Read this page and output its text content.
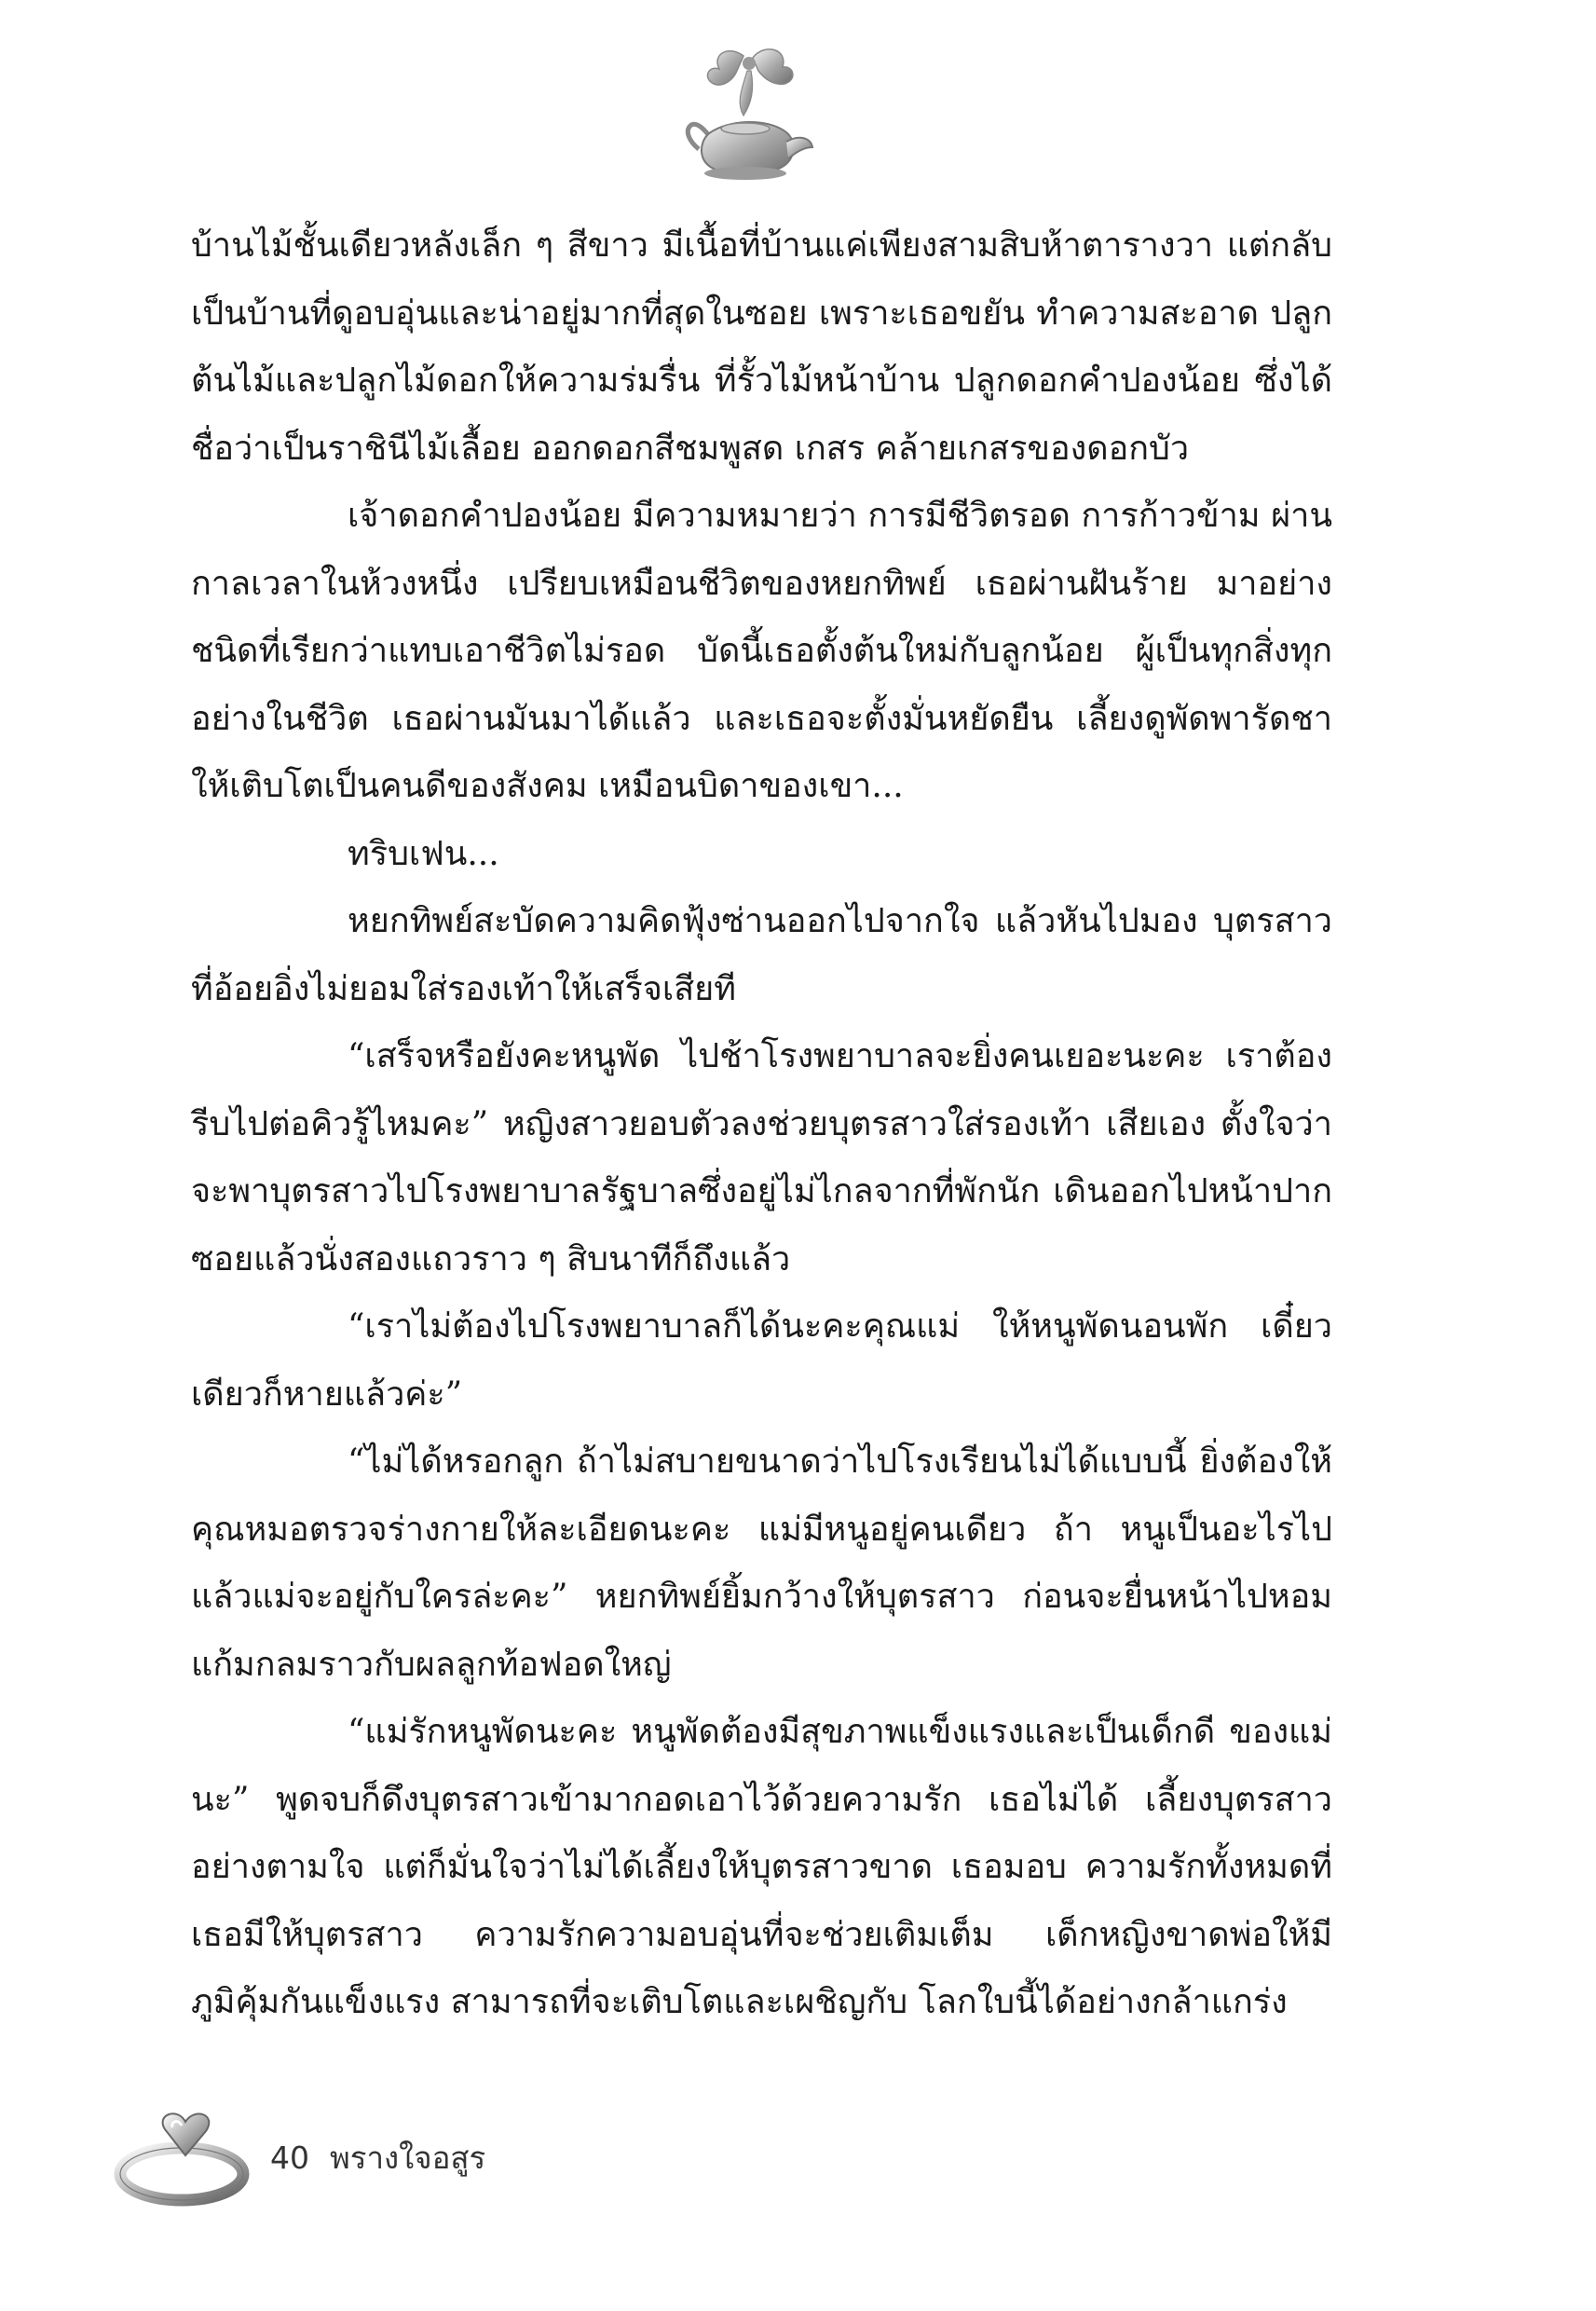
บ้านไม้ชั้นเดียวหลังเล็ก ๆ สีขาว มีเนื้อที่บ้านแค่เพียงสามสิบห้าตารางวา แต่กลับเป็นบ้านที่ดูอบอุ่นและน่าอยู่มากที่สุดในซอย เพราะเธอขยัน ทำความสะอาด ปลูกต้นไม้และปลูกไม้ดอกให้ความร่มรื่น ที่รั้วไม้หน้าบ้าน ปลูกดอกคำปองน้อย ซึ่งได้ชื่อว่าเป็นราชินีไม้เลื้อย ออกดอกสีชมพูสด เกสร คล้ายเกสรของดอกบัว

เจ้าดอกคำปองน้อย มีความหมายว่า การมีชีวิตรอด การก้าวข้าม ผ่านกาลเวลาในห้วงหนึ่ง เปรียบเหมือนชีวิตของหยกทิพย์ เธอผ่านฝันร้าย มาอย่างชนิดที่เรียกว่าแทบเอาชีวิตไม่รอด บัดนี้เธอตั้งต้นใหม่กับลูกน้อย ผู้เป็นทุกสิ่งทุกอย่างในชีวิต เธอผ่านมันมาได้แล้ว และเธอจะตั้งมั่นหยัดยืน เลี้ยงดูพัดพารัดชาให้เติบโตเป็นคนดีของสังคม เหมือนบิดาของเขา...

ทริบเฟน...

หยกทิพย์สะบัดความคิดฟุ้งซ่านออกไปจากใจ แล้วหันไปมอง บุตรสาวที่อ้อยอิ่งไม่ยอมใส่รองเท้าให้เสร็จเสียที

“เสร็จหรือยังคะหนูพัด ไปช้าโรงพยาบาลจะยิ่งคนเยอะนะคะ เราต้องรีบไปต่อคิวรู้ไหมคะ” หญิงสาวยอบตัวลงช่วยบุตรสาวใส่รองเท้า เสียเอง ตั้งใจว่าจะพาบุตรสาวไปโรงพยาบาลรัฐบาลซึ่งอยู่ไม่ไกลจากที่พักนัก เดินออกไปหน้าปากซอยแล้วนั่งสองแถวราว ๆ สิบนาทีก็ถึงแล้ว

“เราไม่ต้องไปโรงพยาบาลก็ได้นะคะคุณแม่ ให้หนูพัดนอนพัก เดี๋ยวเดียวก็หายแล้วค่ะ”

“ไม่ได้หรอกลูก ถ้าไม่สบายขนาดว่าไปโรงเรียนไม่ได้แบบนี้ ยิ่งต้องให้คุณหมอตรวจร่างกายให้ละเอียดนะคะ แม่มีหนูอยู่คนเดียว ถ้า หนูเป็นอะไรไปแล้วแม่จะอยู่กับใครล่ะคะ” หยกทิพย์ยิ้มกว้างให้บุตรสาว ก่อนจะยื่นหน้าไปหอมแก้มกลมราวกับผลลูกท้อฟอดใหญ่

“แม่รักหนูพัดนะคะ หนูพัดต้องมีสุขภาพแข็งแรงและเป็นเด็กดี ของแม่นะ” พูดจบก็ดึงบุตรสาวเข้ามากอดเอาไว้ด้วยความรัก เธอไม่ได้ เลี้ยงบุตรสาวอย่างตามใจ แต่ก็มั่นใจว่าไม่ได้เลี้ยงให้บุตรสาวขาด เธอมอบ ความรักทั้งหมดที่เธอมีให้บุตรสาว ความรักความอบอุ่นที่จะช่วยเติมเต็ม เด็กหญิงขาดพ่อให้มีภูมิคุ้มกันแข็งแรง สามารถที่จะเติบโตและเผชิญกับ โลกใบนี้ได้อย่างกล้าแกร่ง

40 พรางใจอสูร
